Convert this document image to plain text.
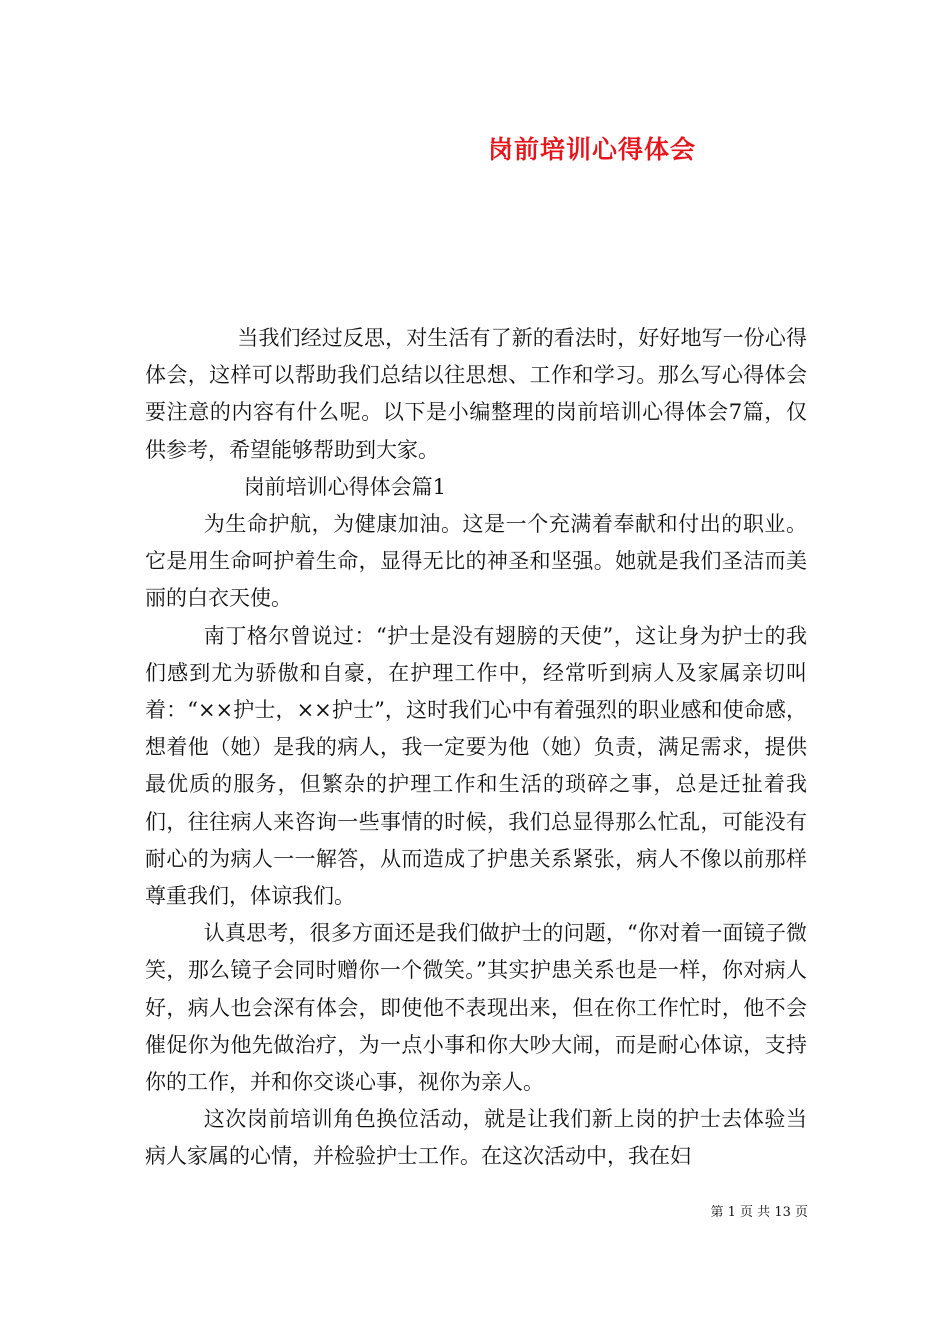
岗前培训心得体会

当我们经过反思，对生活有了新的看法时，好好地写一份心得体会，这样可以帮助我们总结以往思想、工作和学习。那么写心得体会要注意的内容有什么呢。以下是小编整理的岗前培训心得体会7篇，仅供参考，希望能够帮助到大家。

岗前培训心得体会篇1

为生命护航，为健康加油。这是一个充满着奉献和付出的职业。它是用生命呵护着生命，显得无比的神圣和坚强。她就是我们圣洁而美丽的白衣天使。

南丁格尔曾说过：“护士是没有翅膀的天使”，这让身为护士的我们感到尤为骄傲和自豪，在护理工作中，经常听到病人及家属亲切叫着：“××护士，××护士”，这时我们心中有着强烈的职业感和使命感，想着他（她）是我的病人，我一定要为他（她）负责，满足需求，提供最优质的服务，但繁杂的护理工作和生活的琐碎之事，总是迁扯着我们，往往病人来咨询一些事情的时候，我们总显得那么忙乱，可能没有耐心的为病人一一解答，从而造成了护患关系紧张，病人不像以前那样尊重我们，体谅我们。

认真思考，很多方面还是我们做护士的问题，“你对着一面镜子微笑，那么镜子会同时赠你一个微笑。”其实护患关系也是一样，你对病人好，病人也会深有体会，即使他不表现出来，但在你工作忙时，他不会催促你为他先做治疗，为一点小事和你大吵大闹，而是耐心体谅，支持你的工作，并和你交谈心事，视你为亲人。

这次岗前培训角色换位活动，就是让我们新上岗的护士去体验当病人家属的心情，并检验护士工作。在这次活动中，我在妇

第 1 页 共 13 页
